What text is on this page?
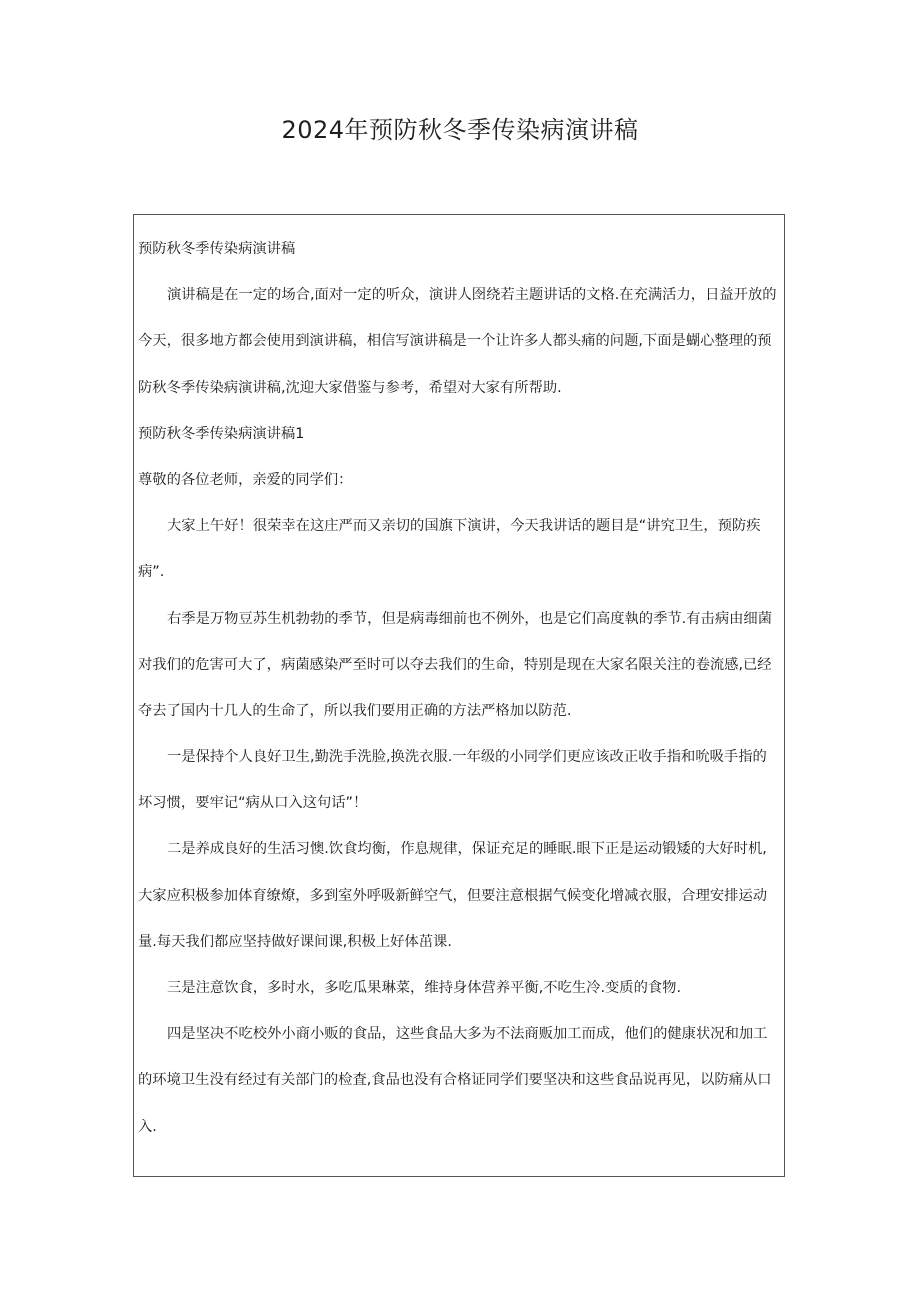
2024年预防秋冬季传染病演讲稿
预防秋冬季传染病演讲稿
演讲稿是在一定的场合,面对一定的听众，演讲人囹绕若主题讲话的文格.在充满活力，日益开放的
今天，很多地方都会使用到演讲稿，相信写演讲稿是一个让许多人都头痛的问题,下面是蝴心整理的预
防秋冬季传染病演讲稿,沈迎大家借鉴与参考，希望对大家有所帮助.
预防秋冬季传染病演讲稿1
尊敬的各位老师，亲爱的同学们：
大家上午好！很荣幸在这庄严而又亲切的国旗下演讲，今天我讲话的题目是“讲究卫生，预防疾
病”.
右季是万物豆苏生机勃勃的季节，但是病毒细前也不例外，也是它们高度執的季节.有击病由细菌
对我们的危害可大了，病菌感染严至时可以夺去我们的生命，特别是现在大家名限关注的卷流感,已经
夺去了国内十几人的生命了，所以我们要用正确的方法严格加以防范.
一是保持个人良好卫生,勤洗手洗脸,换洗衣服.一年级的小同学们更应该改正收手指和吮吸手指的
坏习惯，要牢记“病从口入这句话”！
二是养成良好的生活习懊.饮食均衡，作息规律，保证充足的睡眠.眼下正是运动锻矮的大好时机,
大家应积极参加体育缭燎，多到室外呼吸新鲜空气，但要注意根据气候变化增减衣服，合理安排运动
量.每天我们都应坚持做好课间课,积极上好体茁课.
三是注意饮食，多时水，多吃瓜果琳菜，维持身体营养平衡,不吃生冷.变质的食物.
四是坚决不吃校外小商小贩的食品，这些食品大多为不法商贩加工而成，他们的健康状况和加工
的环境卫生没有经过有关部门的检査,食品也没有合格证同学们要坚决和这些食品说再见，以防痛从口
入.
